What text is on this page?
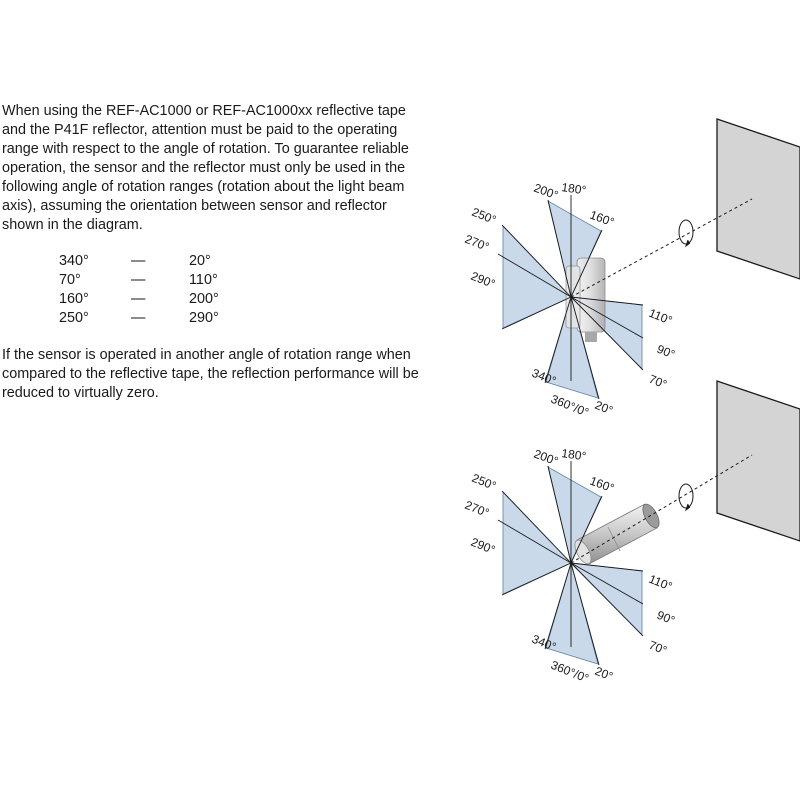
When using the REF-AC1000 or REF-AC1000xx reflective tape and the P41F reflector, attention must be paid to the operating range with respect to the angle of rotation. To guarantee reliable operation, the sensor and the reflector must only be used in the following angle of rotation ranges (rotation about the light beam axis), assuming the orientation between sensor and reflector shown in the diagram.

340°	—	20°
70°	—	110°
160°	—	200°
250°	—	290°

If the sensor is operated in another angle of rotation range when compared to the reflective tape, the reflection performance will be reduced to virtually zero.

200° 180°
160°
250°
270°
290°
110°
90°
70°
340°
360°/0° 20°
200° 180°
160°
250°
270°
290°
110°
90°
70°
340°
360°/0° 20°
